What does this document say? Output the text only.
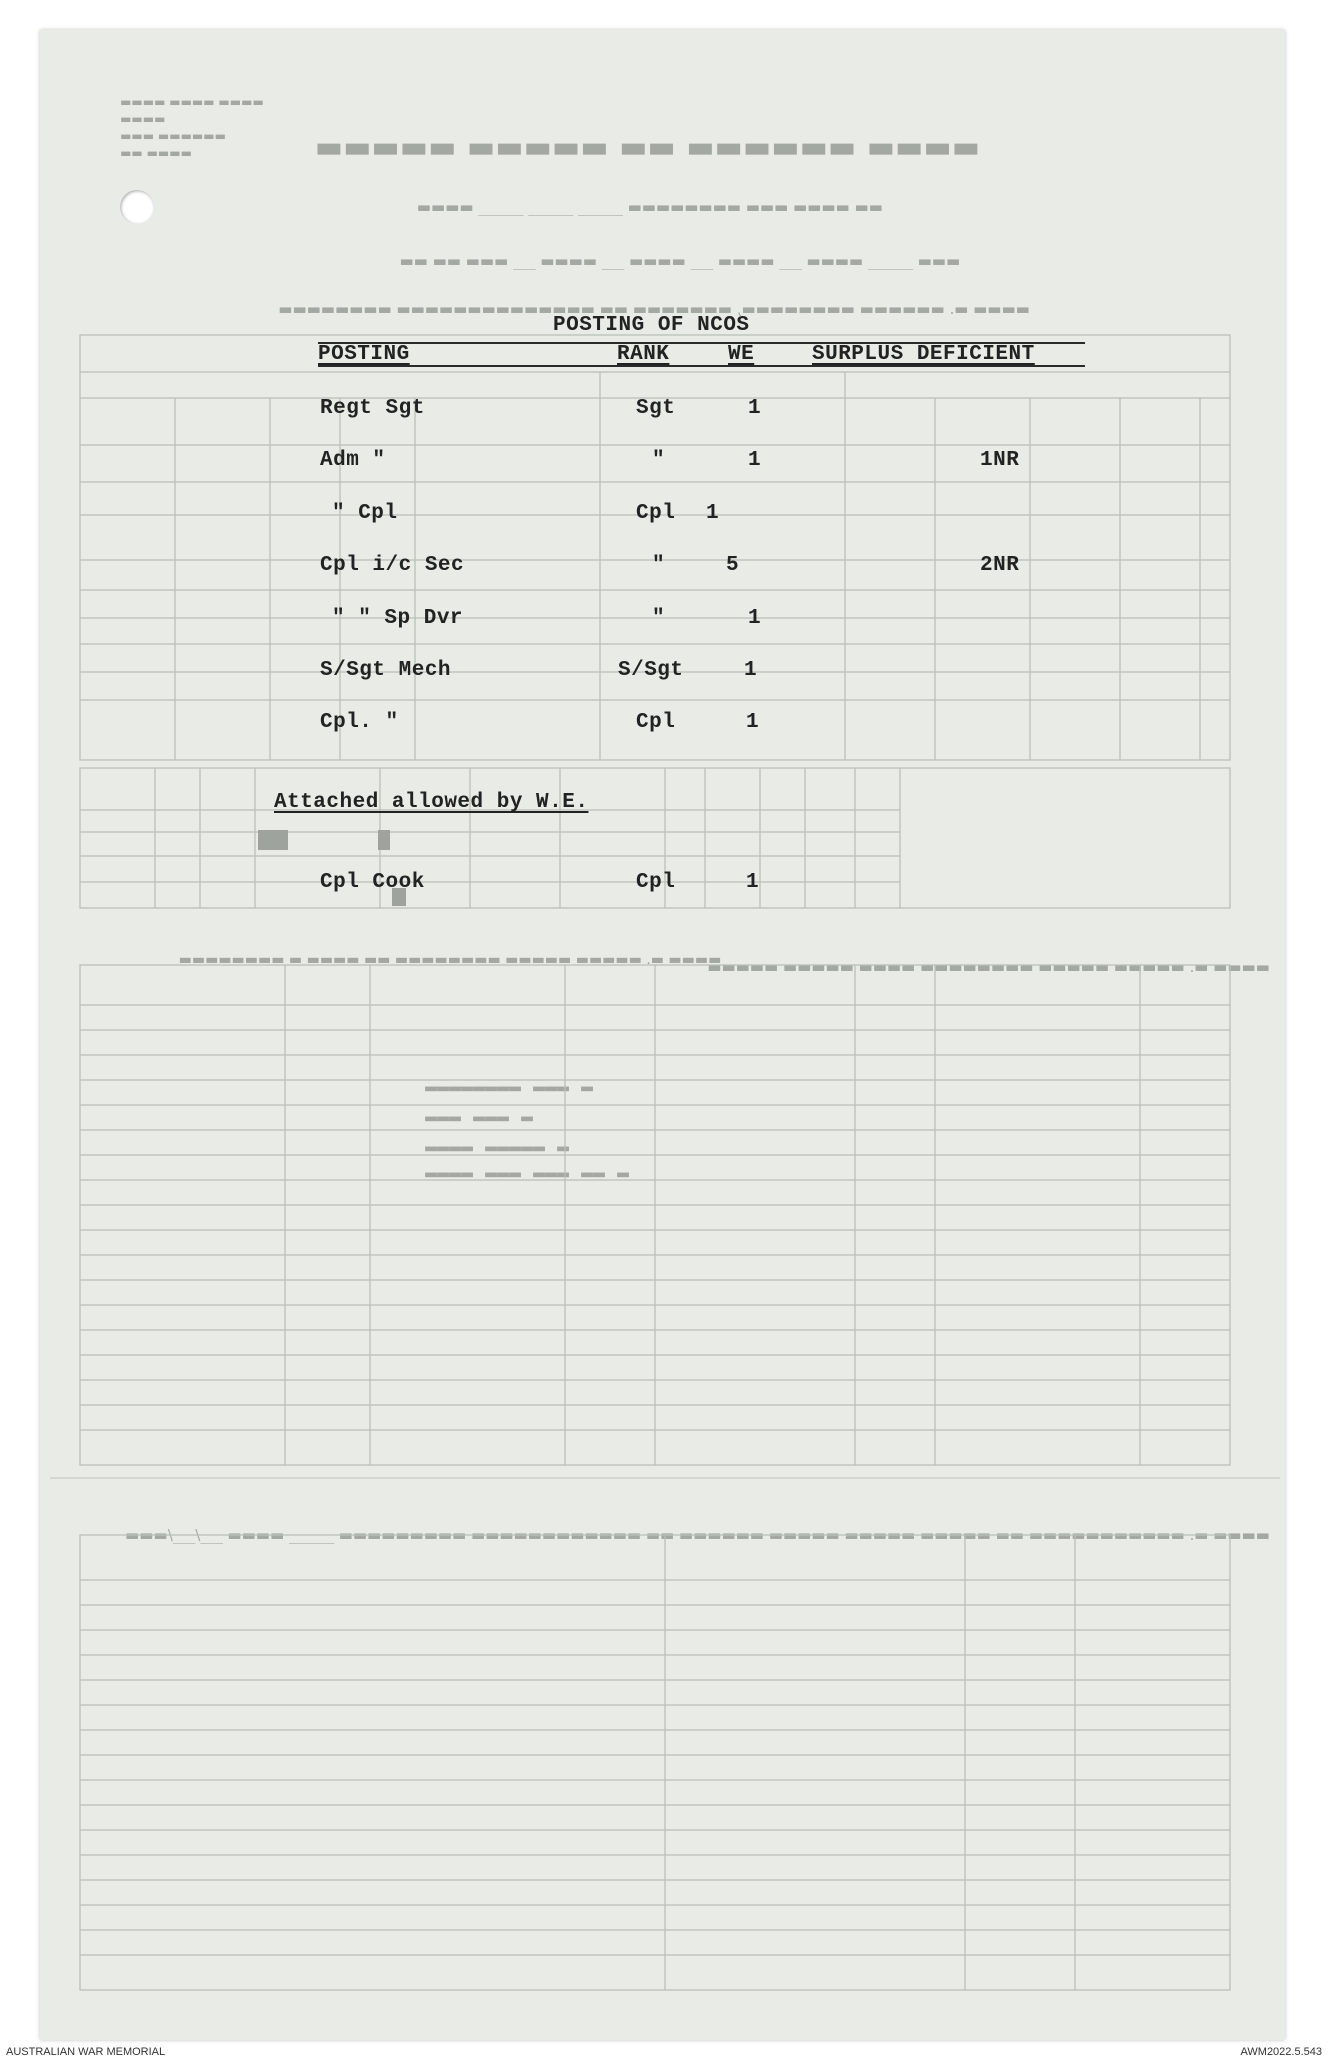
▬▬▬▬ ▬▬▬▬▬▬ ▬▬ ▬▬▬▬▬ ▬▬▬▬▬
▬▬▬▬ ▬▬▬▬ ▬▬▬▬
▬▬▬▬
▬▬▬▬▬▬ ▬▬▬
▬▬▬▬ ▬▬
▬▬ ▬▬▬▬ ▬▬▬ ▬▬▬▬▬▬▬▬ ______ ______ ______ ▬▬▬▬
▬▬▬ ______ ▬▬▬▬ ___ ▬▬▬▬ ___ ▬▬▬▬ ___ ▬▬▬▬ ___ ▬▬▬ ▬▬ ▬▬
▬▬▬▬ ▬. ▬▬▬▬▬▬ ▬▬▬▬▬▬▬▬, ▬▬▬▬▬▬▬ ▬▬ ▬▬▬▬▬▬▬▬▬▬▬▬▬▬ ▬▬▬▬▬▬▬▬
▬▬▬▬ ▬. ▬▬▬▬▬ ▬▬▬▬▬ ▬▬▬▬▬▬▬▬ ▬▬▬▬ ▬▬▬▬▬ ▬▬▬▬▬
▬▬▬▬ ▬. ▬▬▬▬▬ ▬▬▬▬▬ ▬▬▬▬▬▬▬▬ ▬▬ ▬▬▬▬ ▬ ▬▬▬▬▬▬▬▬
▬▬▬▬ ▬. ▬▬▬▬▬▬▬▬▬▬▬ ▬▬ ▬▬▬▬▬ ▬▬▬▬▬ ▬▬▬▬▬ ▬▬▬▬▬▬ ▬▬ ▬▬▬▬▬▬▬▬▬▬▬▬ ▬▬▬▬▬▬▬▬▬ ______ ▬▬▬▬ ___/___/▬▬▬
▬ ▬▬▬ ▬▬▬▬▬▬▬▬
▬ ▬▬▬ ▬▬▬
▬ ▬▬▬▬▬ ▬▬▬▬
▬ ▬▬ ▬▬▬ ▬▬▬ ▬▬▬▬
POSTING OF NCOS
POSTING	RANK	WE	SURPLUS DEFICIENT
Regt Sgt	Sgt	1
Adm "	"	1	1NR
" Cpl	Cpl 1
Cpl i/c Sec	"	5	2NR
" " Sp Dvr	"	1
S/Sgt Mech	S/Sgt	1
Cpl. "	Cpl	1
Attached allowed by W.E.
Cpl Cook	Cpl	1
AUSTRALIAN WAR MEMORIAL	AWM2022.5.543
